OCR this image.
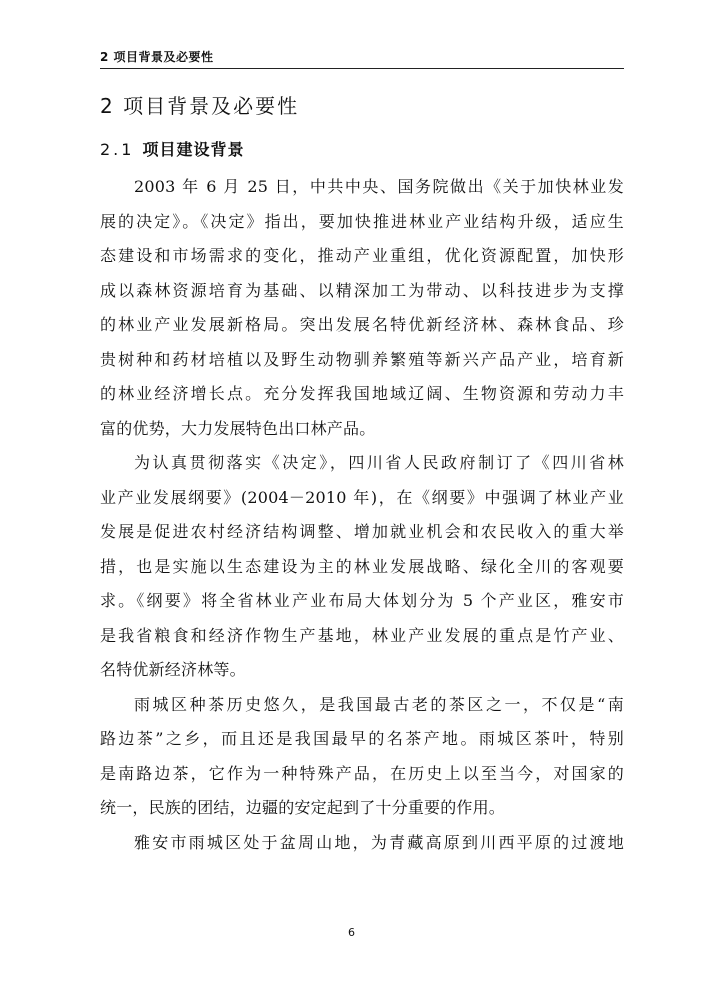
2 项目背景及必要性
2 项目背景及必要性
2.1 项目建设背景

2003 年 6 月 25 日，中共中央、国务院做出《关于加快林业发
展的决定》。《决定》指出，要加快推进林业产业结构升级，适应生
态建设和市场需求的变化，推动产业重组，优化资源配置，加快形
成以森林资源培育为基础、以精深加工为带动、以科技进步为支撑
的林业产业发展新格局。突出发展名特优新经济林、森林食品、珍
贵树种和药材培植以及野生动物驯养繁殖等新兴产品产业，培育新
的林业经济增长点。充分发挥我国地域辽阔、生物资源和劳动力丰
富的优势，大力发展特色出口林产品。

为认真贯彻落实《决定》，四川省人民政府制订了《四川省林
业产业发展纲要》(2004－2010 年)，在《纲要》中强调了林业产业
发展是促进农村经济结构调整、增加就业机会和农民收入的重大举
措，也是实施以生态建设为主的林业发展战略、绿化全川的客观要
求。《纲要》将全省林业产业布局大体划分为 5 个产业区，雅安市
是我省粮食和经济作物生产基地，林业产业发展的重点是竹产业、
名特优新经济林等。

雨城区种茶历史悠久，是我国最古老的茶区之一，不仅是“南
路边茶”之乡，而且还是我国最早的名茶产地。雨城区茶叶，特别
是南路边茶，它作为一种特殊产品，在历史上以至当今，对国家的
统一，民族的团结，边疆的安定起到了十分重要的作用。

雅安市雨城区处于盆周山地，为青藏高原到川西平原的过渡地

6
